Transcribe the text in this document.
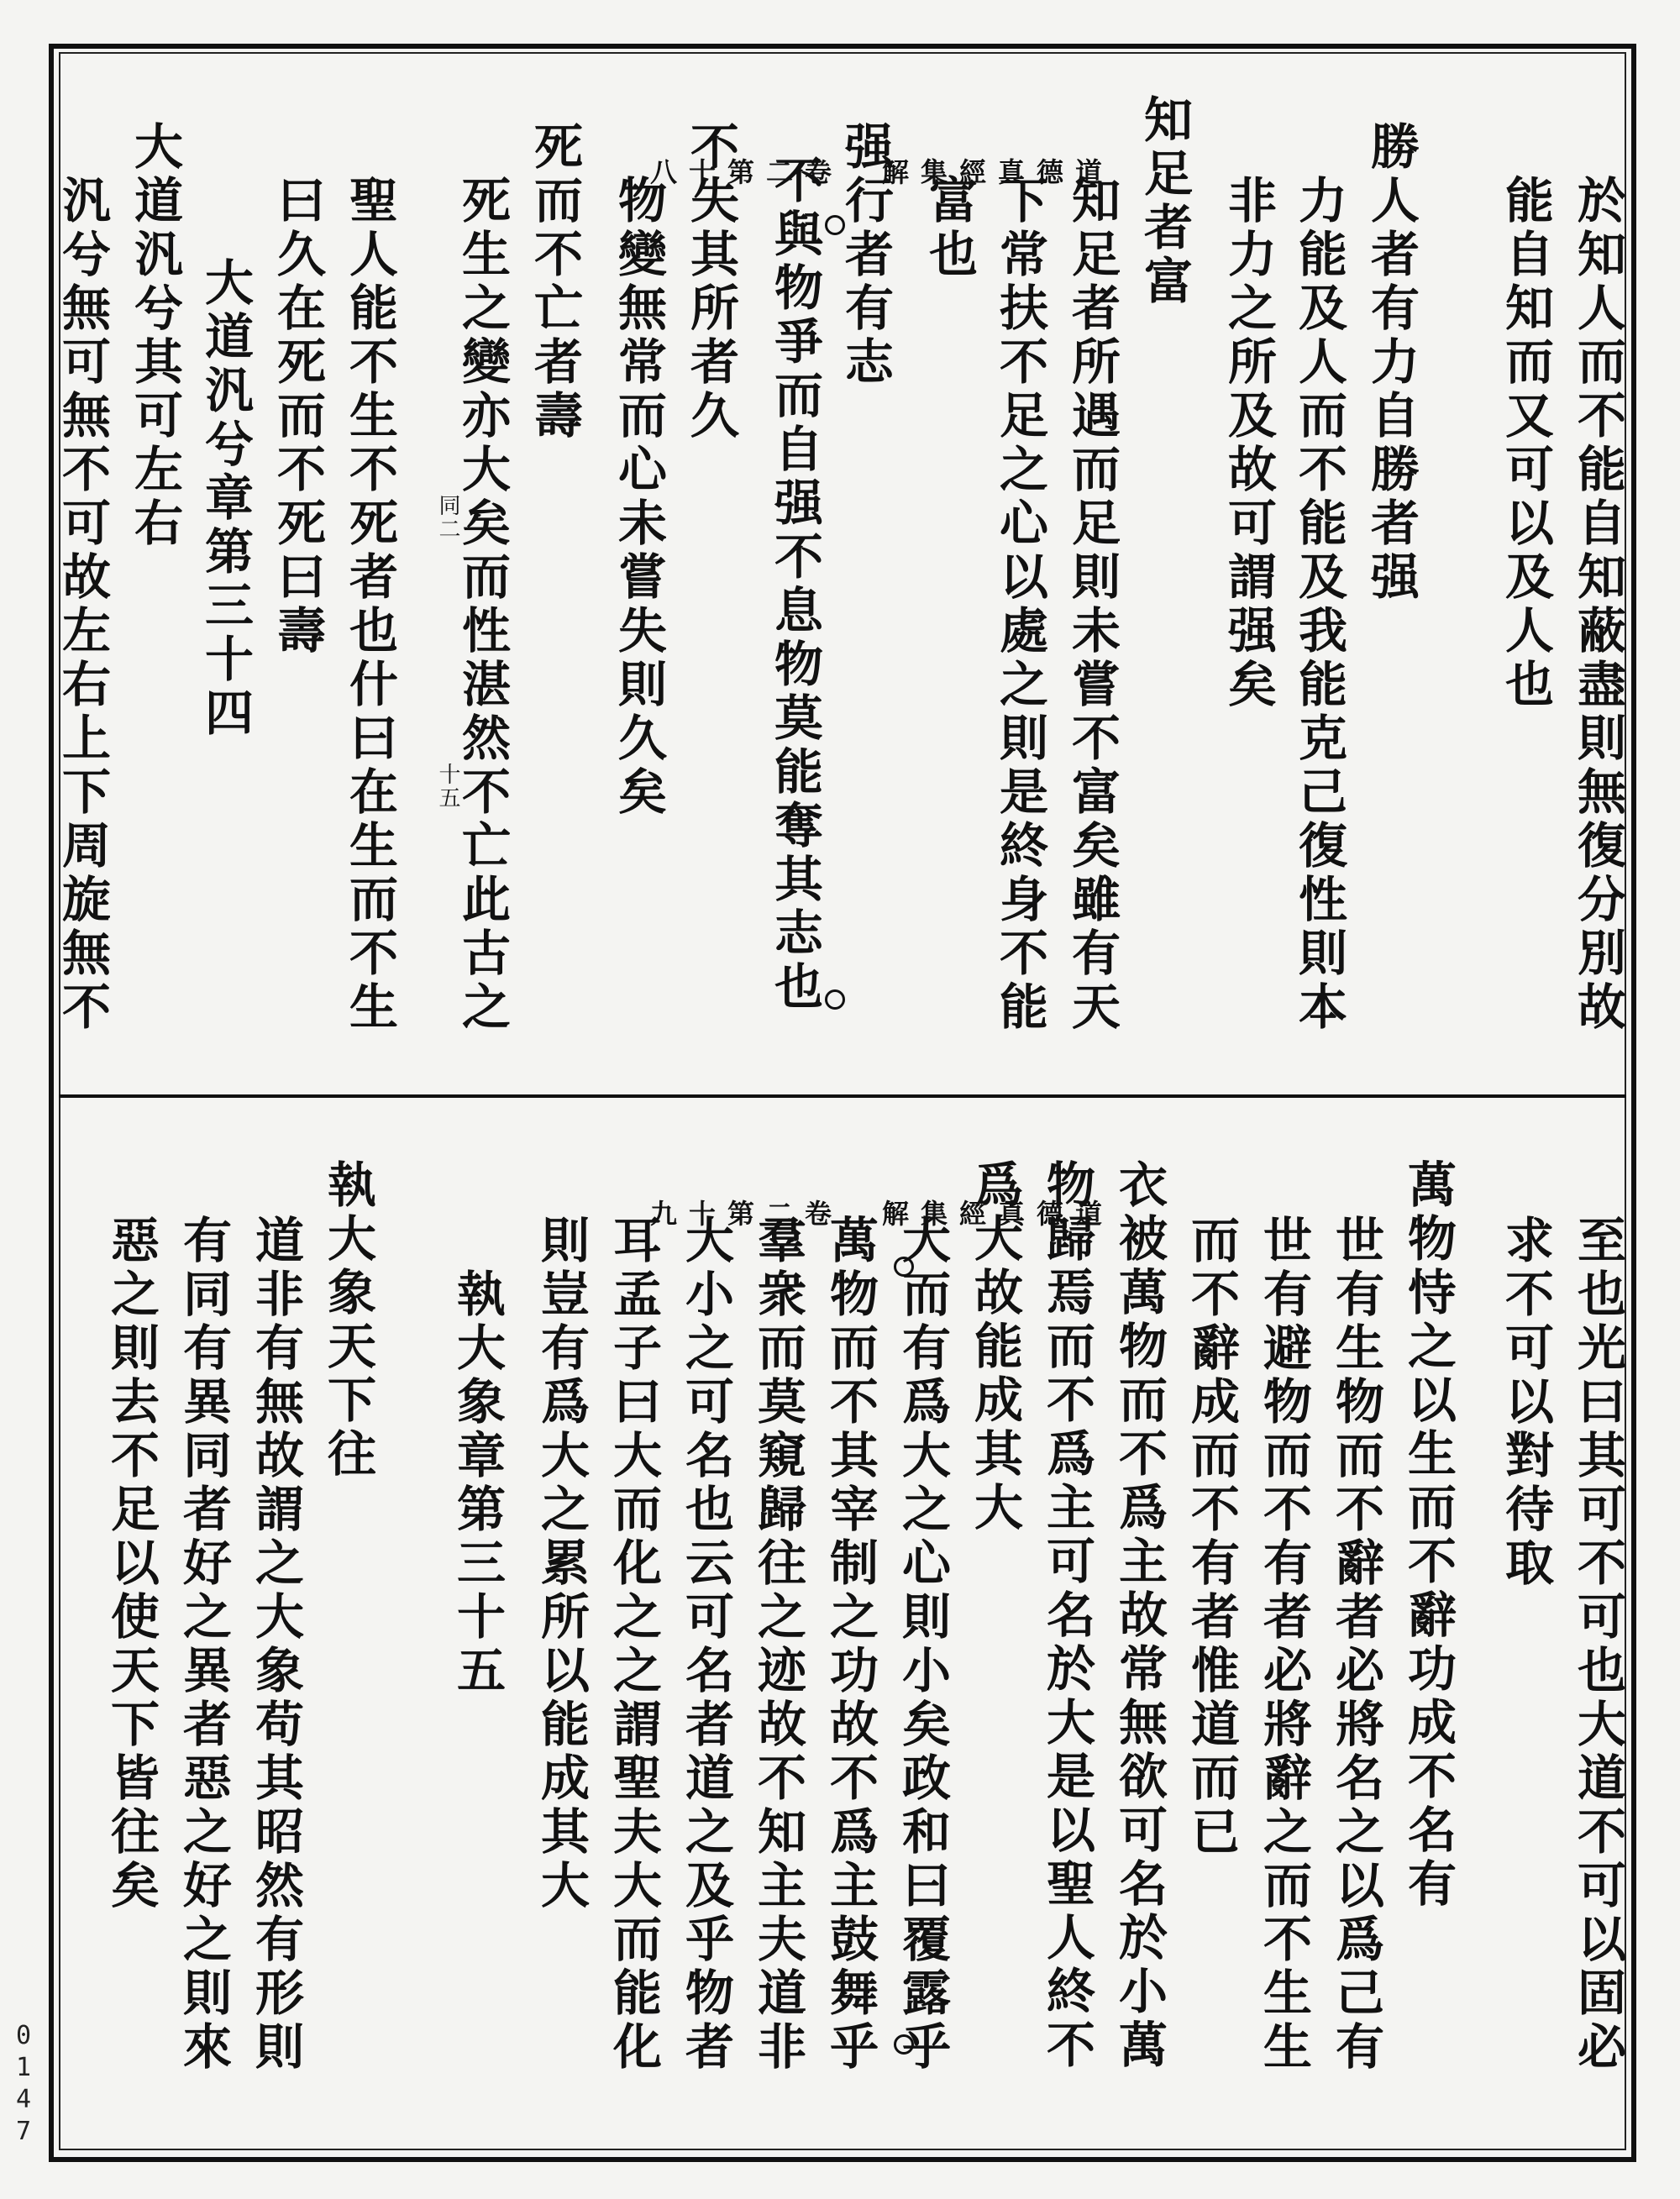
道德真經集解　卷二第十八
於知人而不能自知蔽盡則無復分別故
能自知而又可以及人也
勝人者有力自勝者强
力能及人而不能及我能克己復性則本
非力之所及故可謂强矣
知足者富
知足者所遇而足則未嘗不富矣雖有天
下常扶不足之心以處之則是終身不能
富也
强行者有志
不與物爭而自强不息物莫能奪其志也
不失其所者久
物變無常而心未嘗失則久矣
死而不亡者壽
死生之變亦大矣而性湛然不亡此古之
聖人能不生不死者也什曰在生而不生
曰久在死而不死曰壽
大道汎兮章第三十四
大道汎兮其可左右
汎兮無可無不可故左右上下周旋無不	同二
十五
道德真經集解　卷二第十九
至也光曰其可不可也大道不可以固必
求不可以對待取
萬物恃之以生而不辭功成不名有
世有生物而不辭者必將名之以爲己有
世有避物而不有者必將辭之而不生生
而不辭成而不有者惟道而已
衣被萬物而不爲主故常無欲可名於小萬
物歸焉而不爲主可名於大是以聖人終不
爲大故能成其大
大而有爲大之心則小矣政和曰覆露乎
萬物而不其宰制之功故不爲主鼓舞乎
羣衆而莫窺歸往之迹故不知主夫道非
大小之可名也云可名者道之及乎物者
耳孟子曰大而化之之謂聖夫大而能化
則豈有爲大之累所以能成其大
執大象章第三十五
執大象天下往
道非有無故謂之大象苟其昭然有形則
有同有異同者好之異者惡之好之則來
惡之則去不足以使天下皆往矣
0
1
4
7
